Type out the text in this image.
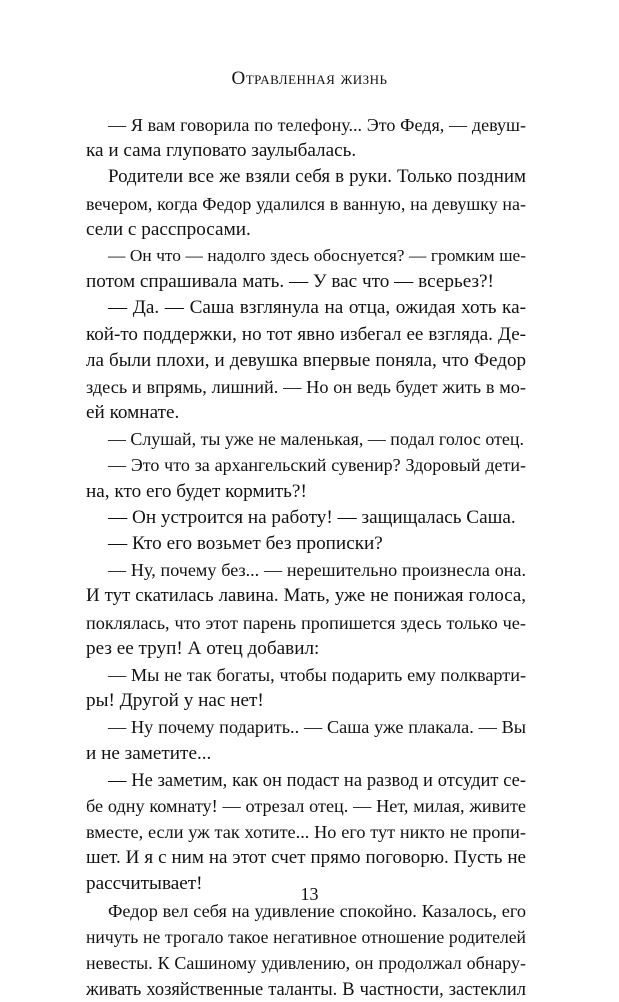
Отравленная жизнь
— Я вам говорила по телефону... Это Федя, — девуш-
ка и сама глуповато заулыбалась.
Родители все же взяли себя в руки. Только поздним
вечером, когда Федор удалился в ванную, на девушку на-
сели с расспросами.
— Он что — надолго здесь обоснуется? — громким ше-
потом спрашивала мать. — У вас что — всерьез?!
— Да. — Саша взглянула на отца, ожидая хоть ка-
кой-то поддержки, но тот явно избегал ее взгляда. Де-
ла были плохи, и девушка впервые поняла, что Федор
здесь и впрямь, лишний. — Но он ведь будет жить в мо-
ей комнате.
— Слушай, ты уже не маленькая, — подал голос отец.
— Это что за архангельский сувенир? Здоровый дети-
на, кто его будет кормить?!
— Он устроится на работу! — защищалась Саша.
— Кто его возьмет без прописки?
— Ну, почему без... — нерешительно произнесла она.
И тут скатилась лавина. Мать, уже не понижая голоса,
поклялась, что этот парень пропишется здесь только че-
рез ее труп! А отец добавил:
— Мы не так богаты, чтобы подарить ему полкварти-
ры! Другой у нас нет!
— Ну почему подарить.. — Саша уже плакала. — Вы
и не заметите...
— Не заметим, как он подаст на развод и отсудит се-
бе одну комнату! — отрезал отец. — Нет, милая, живите
вместе, если уж так хотите... Но его тут никто не пропи-
шет. И я с ним на этот счет прямо поговорю. Пусть не
рассчитывает!
Федор вел себя на удивление спокойно. Казалось, его
ничуть не трогало такое негативное отношение родителей
невесты. К Сашиному удивлению, он продолжал обнару-
живать хозяйственные таланты. В частности, застеклил
13
